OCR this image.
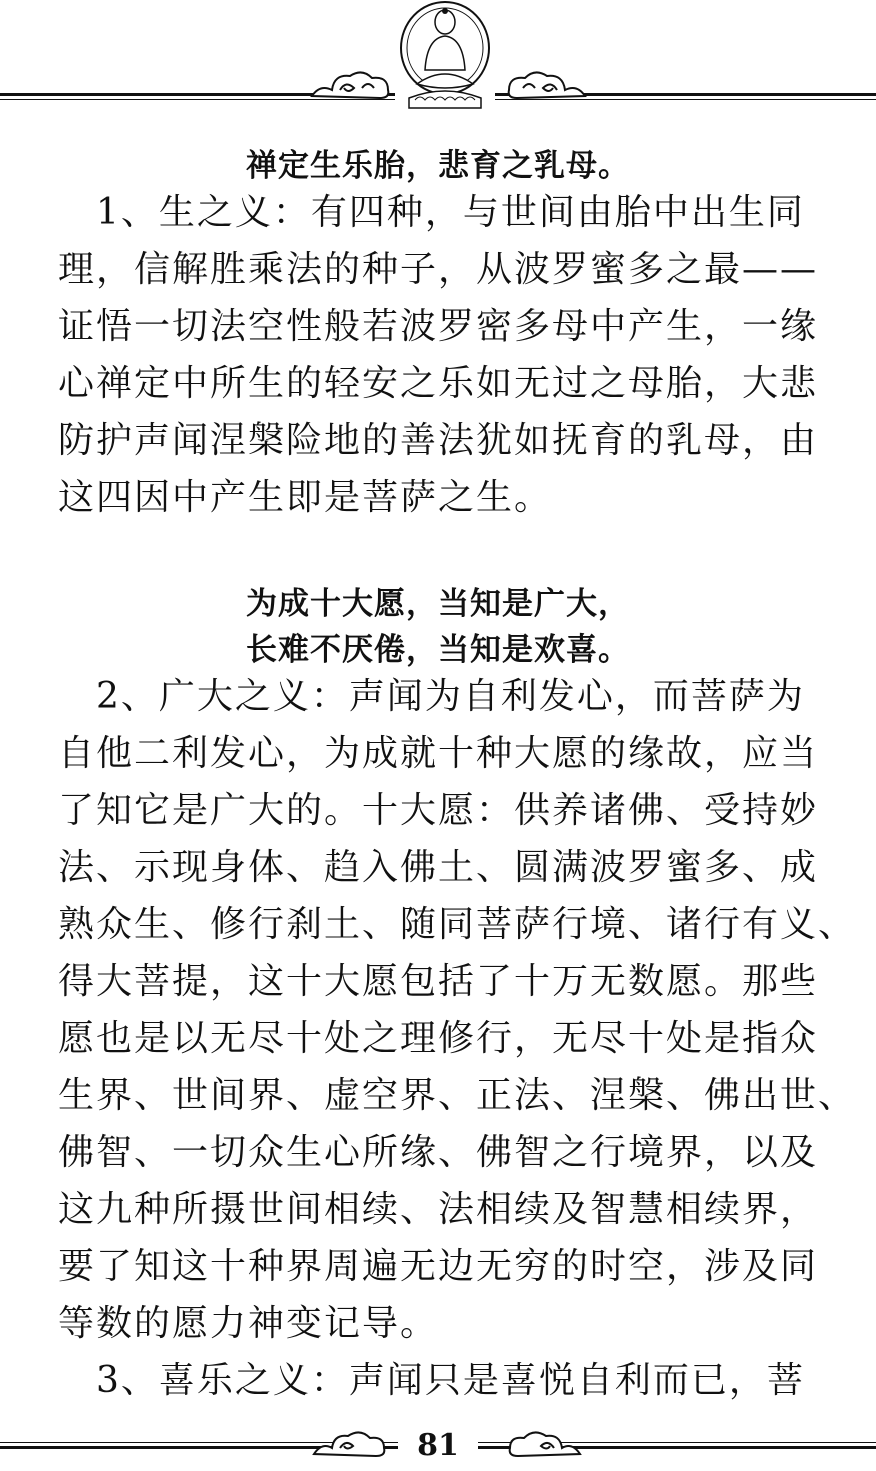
禅定生乐胎，悲育之乳母。
　1、生之义：有四种，与世间由胎中出生同
理，信解胜乘法的种子，从波罗蜜多之最——
证悟一切法空性般若波罗密多母中产生，一缘
心禅定中所生的轻安之乐如无过之母胎，大悲
防护声闻涅槃险地的善法犹如抚育的乳母，由
这四因中产生即是菩萨之生。
为成十大愿，当知是广大，
长难不厌倦，当知是欢喜。
　2、广大之义：声闻为自利发心，而菩萨为
自他二利发心，为成就十种大愿的缘故，应当
了知它是广大的。十大愿：供养诸佛、受持妙
法、示现身体、趋入佛土、圆满波罗蜜多、成
熟众生、修行刹土、随同菩萨行境、诸行有义、
得大菩提，这十大愿包括了十万无数愿。那些
愿也是以无尽十处之理修行，无尽十处是指众
生界、世间界、虚空界、正法、涅槃、佛出世、
佛智、一切众生心所缘、佛智之行境界，以及
这九种所摄世间相续、法相续及智慧相续界，
要了知这十种界周遍无边无穷的时空，涉及同
等数的愿力神变记导。
　3、喜乐之义：声闻只是喜悦自利而已，菩
81
